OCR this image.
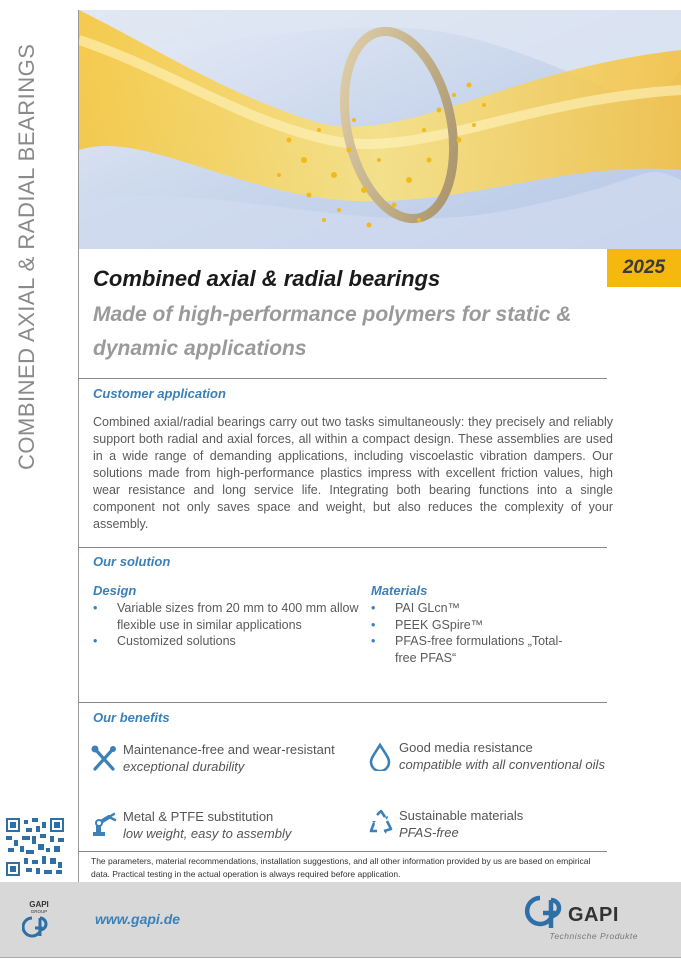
COMBINED AXIAL & RADIAL BEARINGS	2025
Combined axial & radial bearings
Made of high-performance polymers for static & dynamic applications
Customer application
Combined axial/radial bearings carry out two tasks simultaneously: they precisely and reliably support both radial and axial forces, all within a compact design. These assemblies are used in a wide range of demanding applications, including viscoelastic vibration dampers. Our solutions made from high-performance plastics impress with excellent friction values, high wear resistance and long service life. Integrating both bearing functions into a single component not only saves space and weight, but also reduces the complexity of your assembly.
Our solution
Design
• Variable sizes from 20 mm to 400 mm allow flexible use in similar applications
• Customized solutions
Materials
• PAI GLcn™
• PEEK GSpire™
• PFAS-free formulations „Total-free PFAS“
Our benefits
Maintenance-free and wear-resistant
exceptional durability
Good media resistance
compatible with all conventional oils
Metal & PTFE substitution
low weight, easy to assembly
Sustainable materials
PFAS-free
The parameters, material recommendations, installation suggestions, and all other information provided by us are based on empirical data. Practical testing in the actual operation is always required before application.
GAPI
GROUP	www.gapi.de	GAPI
Technische Produkte
